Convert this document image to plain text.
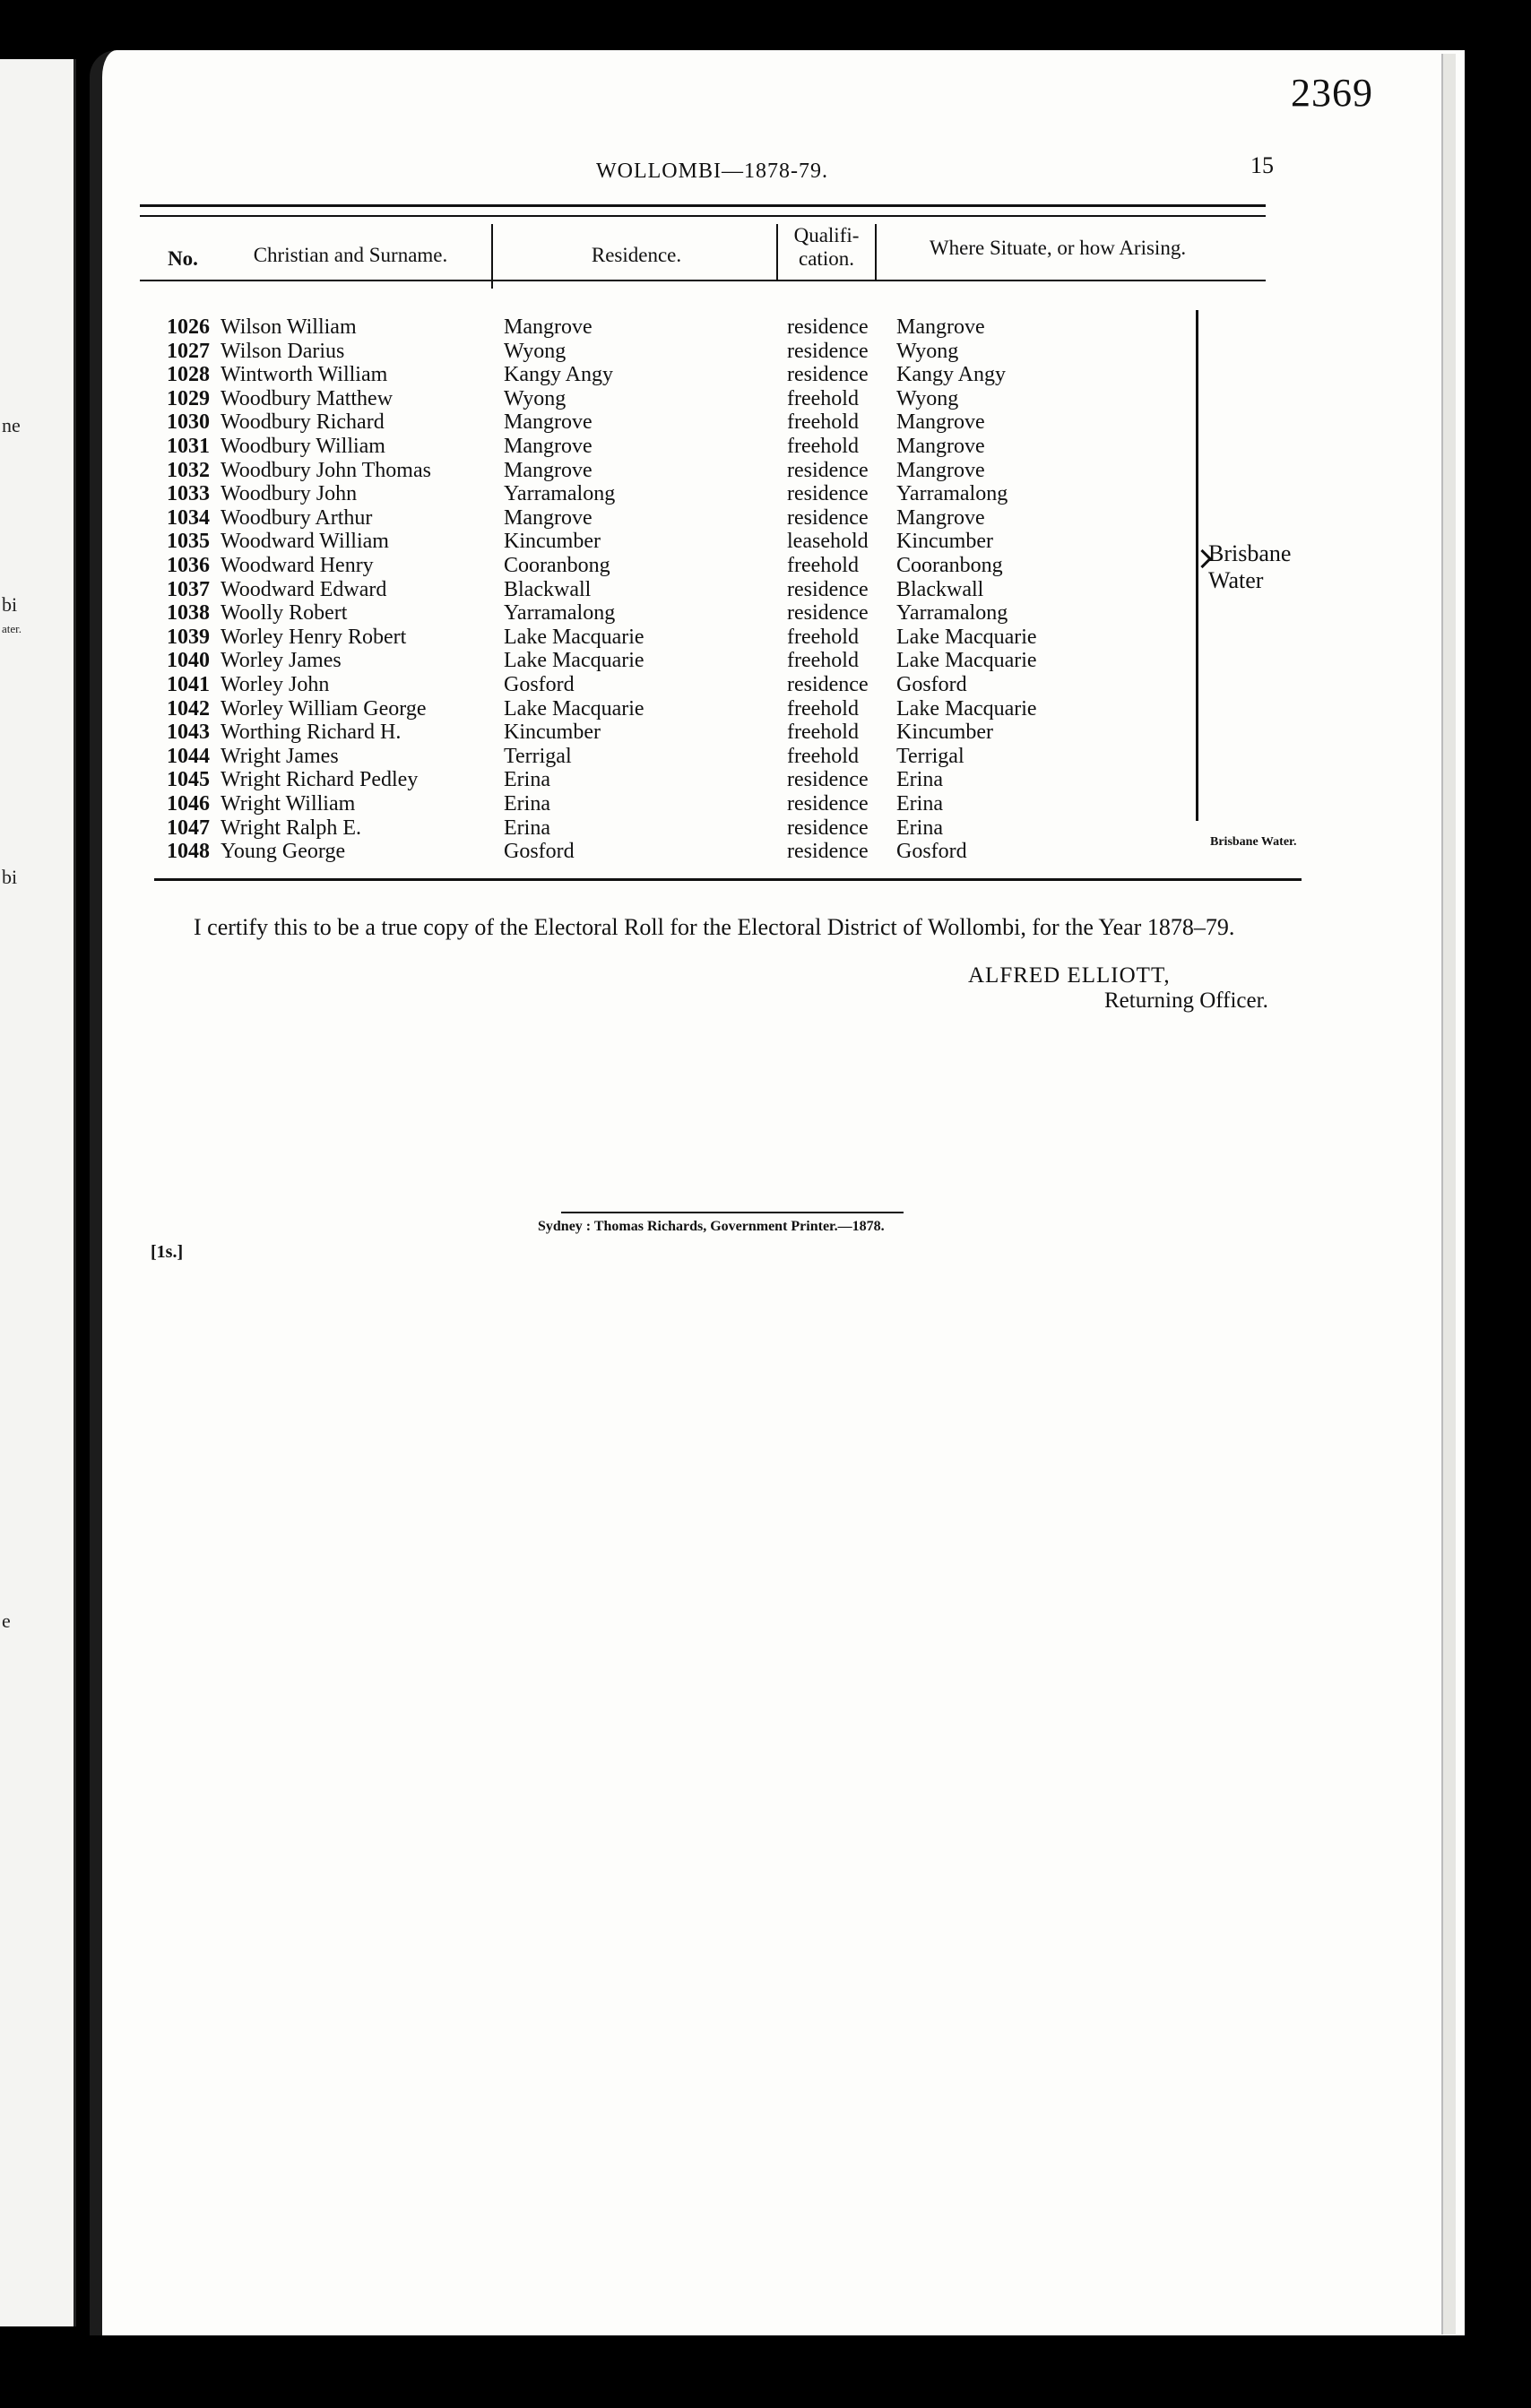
ne
bi
ater.
bi
e
2369
WOLLOMBI—1878-79.	15
No.	Christian and Surname.	Residence.
Qualifi-
cation.	Where Situate, or how Arising.
1026 Wilson William	Mangrove	residence Mangrove
1027 Wilson Darius	Wyong	residence Wyong
1028 Wintworth William	Kangy Angy	residence Kangy Angy
1029 Woodbury Matthew	Wyong	freehold Wyong
1030 Woodbury Richard	Mangrove	freehold Mangrove
1031 Woodbury William	Mangrove	freehold Mangrove
1032 Woodbury John Thomas	Mangrove	residence Mangrove
1033 Woodbury John	Yarramalong	residence Yarramalong
1034 Woodbury Arthur	Mangrove	residence Mangrove
1035 Woodward William	Kincumber	leasehold Kincumber
1036 Woodward Henry	Cooranbong	freehold Cooranbong
1037 Woodward Edward	Blackwall	residence Blackwall
1038 Woolly Robert	Yarramalong	residence Yarramalong
1039 Worley Henry Robert	Lake Macquarie	freehold Lake Macquarie
1040 Worley James	Lake Macquarie	freehold Lake Macquarie
1041 Worley John	Gosford	residence Gosford
1042 Worley William George	Lake Macquarie	freehold Lake Macquarie
1043 Worthing Richard H.	Kincumber	freehold Kincumber
1044 Wright James	Terrigal	freehold Terrigal
1045 Wright Richard Pedley	Erina	residence Erina
1046 Wright William	Erina	residence Erina
1047 Wright Ralph E.	Erina	residence Erina
1048 Young George	Gosford	residence Gosford
Brisbane
Water
Brisbane Water.
I certify this to be a true copy of the Electoral Roll for the Electoral District of Wollombi, for the Year 1878–79.
ALFRED ELLIOTT,
Returning Officer.
Sydney : Thomas Richards, Government Printer.—1878.
[1s.]
